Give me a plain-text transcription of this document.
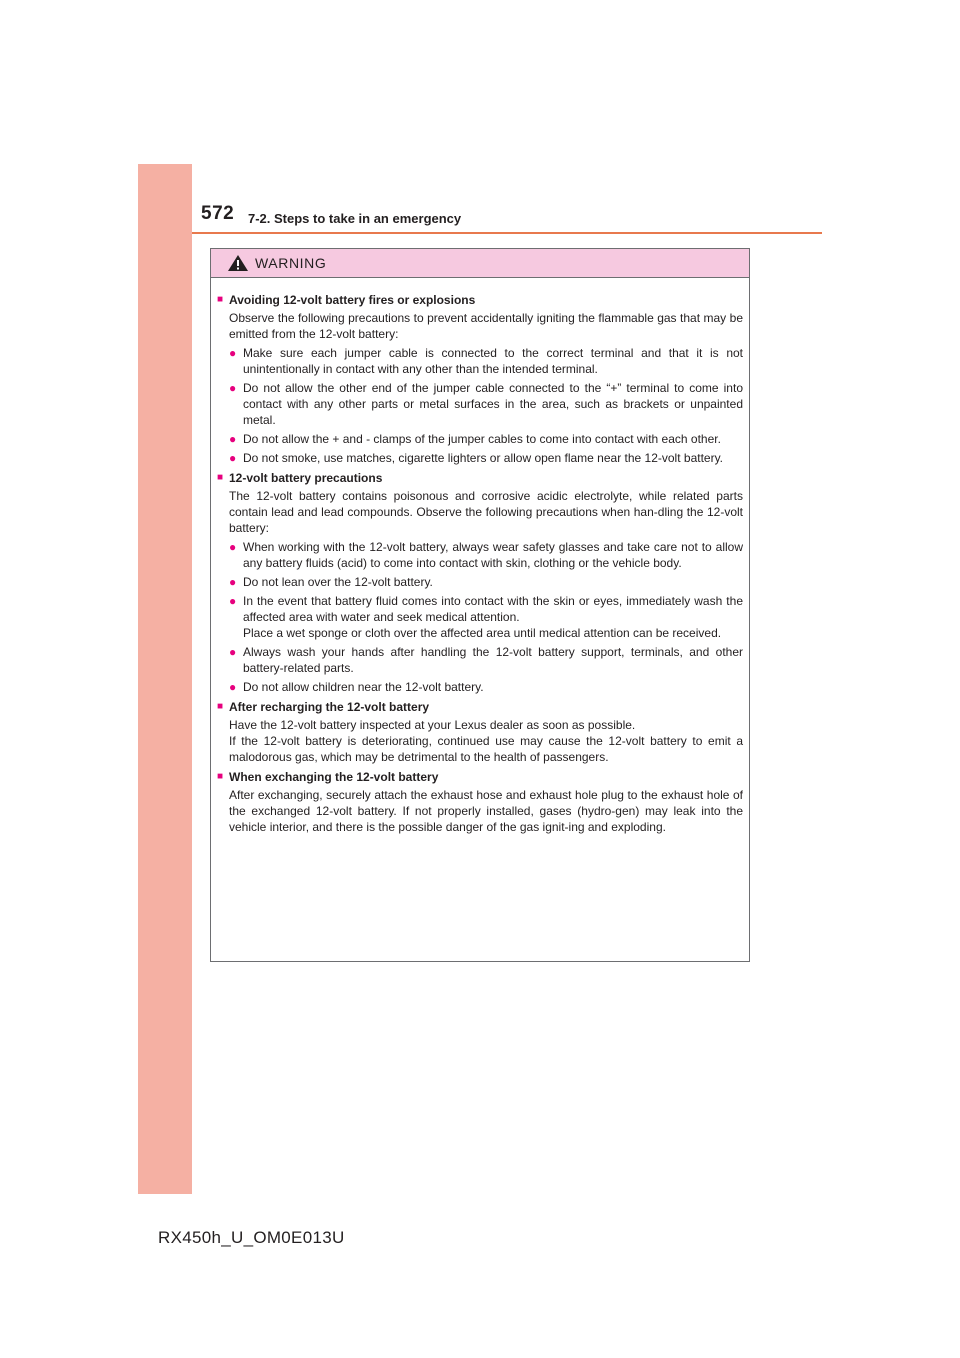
572 7-2. Steps to take in an emergency
WARNING
■ Avoiding 12-volt battery fires or explosions
Observe the following precautions to prevent accidentally igniting the flammable gas that may be emitted from the 12-volt battery:
● Make sure each jumper cable is connected to the correct terminal and that it is not unintentionally in contact with any other than the intended terminal.
● Do not allow the other end of the jumper cable connected to the “+” terminal to come into contact with any other parts or metal surfaces in the area, such as brackets or unpainted metal.
● Do not allow the + and - clamps of the jumper cables to come into contact with each other.
● Do not smoke, use matches, cigarette lighters or allow open flame near the 12-volt battery.
■ 12-volt battery precautions
The 12-volt battery contains poisonous and corrosive acidic electrolyte, while related parts contain lead and lead compounds. Observe the following precautions when han-dling the 12-volt battery:
● When working with the 12-volt battery, always wear safety glasses and take care not to allow any battery fluids (acid) to come into contact with skin, clothing or the vehicle body.
● Do not lean over the 12-volt battery.
● In the event that battery fluid comes into contact with the skin or eyes, immediately wash the affected area with water and seek medical attention.
Place a wet sponge or cloth over the affected area until medical attention can be received.
● Always wash your hands after handling the 12-volt battery support, terminals, and other battery-related parts.
● Do not allow children near the 12-volt battery.
■ After recharging the 12-volt battery
Have the 12-volt battery inspected at your Lexus dealer as soon as possible.
If the 12-volt battery is deteriorating, continued use may cause the 12-volt battery to emit a malodorous gas, which may be detrimental to the health of passengers.
■ When exchanging the 12-volt battery
After exchanging, securely attach the exhaust hose and exhaust hole plug to the exhaust hole of the exchanged 12-volt battery. If not properly installed, gases (hydro-gen) may leak into the vehicle interior, and there is the possible danger of the gas ignit-ing and exploding.
RX450h_U_OM0E013U
